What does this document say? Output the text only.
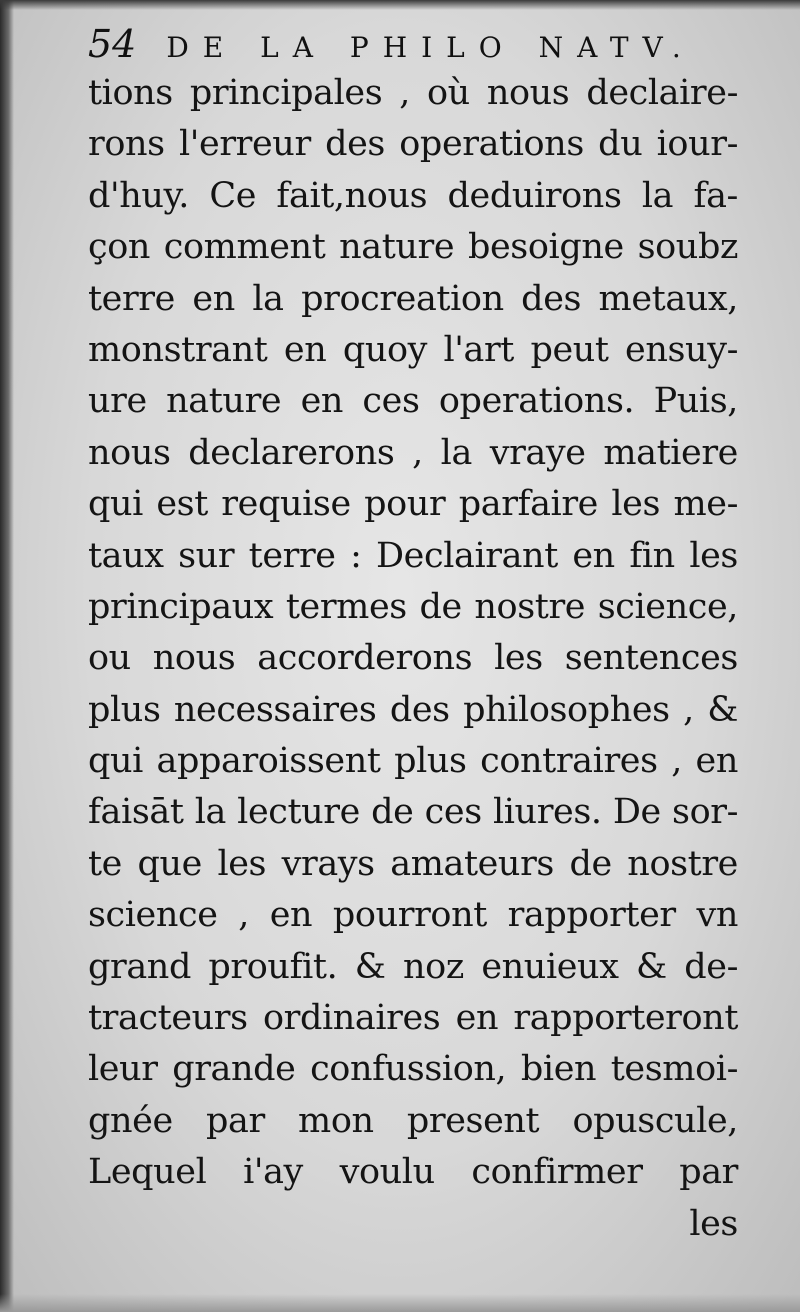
54 DE LA PHILO NATV.
tions principales , où nous declaire-
rons l'erreur des operations du iour-
d'huy. Ce fait,nous deduirons la fa-
çon comment nature besoigne soubz
terre en la procreation des metaux,
monstrant en quoy l'art peut ensuy-
ure nature en ces operations. Puis,
nous declarerons , la vraye matiere
qui est requise pour parfaire les me-
taux sur terre : Declairant en fin les
principaux termes de nostre science,
ou nous accorderons les sentences
plus necessaires des philosophes , &
qui apparoissent plus contraires , en
faisāt la lecture de ces liures. De sor-
te que les vrays amateurs de nostre
science , en pourront rapporter vn
grand proufit. & noz enuieux & de-
tracteurs ordinaires en rapporteront
leur grande confussion, bien tesmoi-
gnée par mon present opuscule,
Lequel i'ay voulu confirmer par
les
